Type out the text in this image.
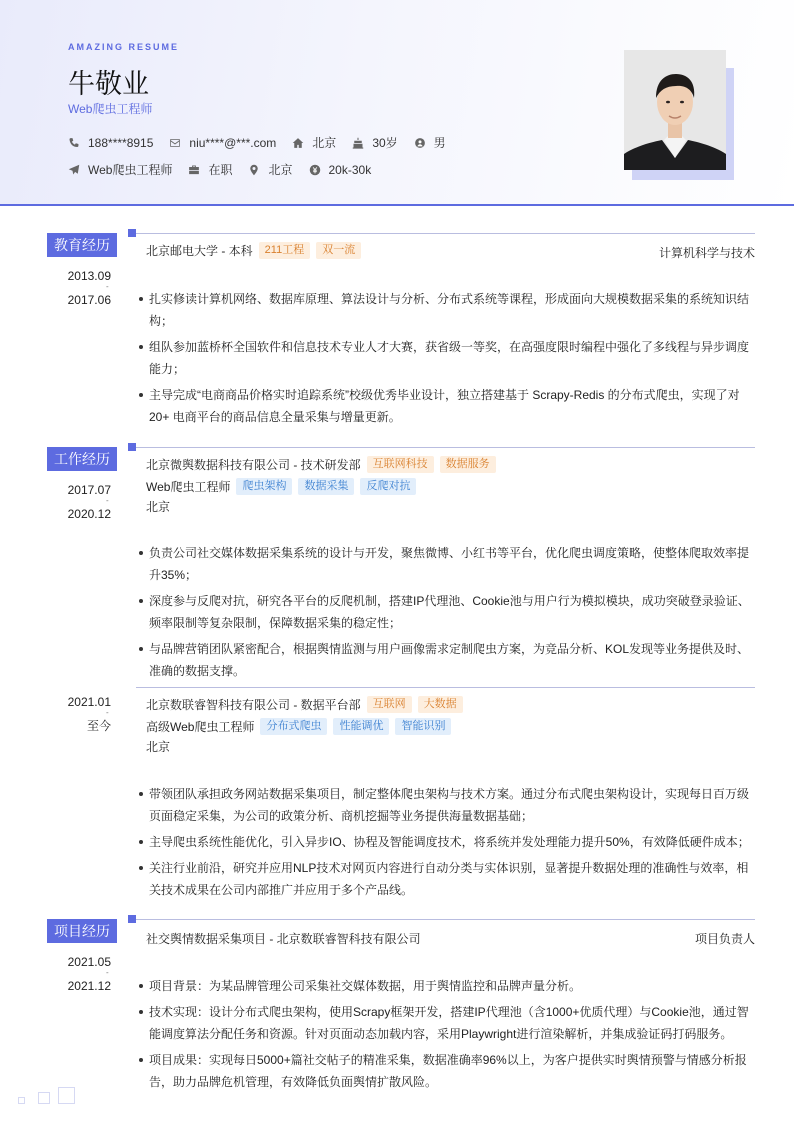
AMAZING RESUME
牛敬业
Web爬虫工程师
188****8915	niu****@***.com	北京	30岁	男
Web爬虫工程师	在职	北京	20k-30k
教育经历
2013.09
-
2017.06
北京邮电大学 - 本科	211工程	双一流	计算机科学与技术
扎实修读计算机网络、数据库原理、算法设计与分析、分布式系统等课程，形成面向大规模数据采集的系统知识结构；
组队参加蓝桥杯全国软件和信息技术专业人才大赛，获省级一等奖，在高强度限时编程中强化了多线程与异步调度能力；
主导完成“电商商品价格实时追踪系统”校级优秀毕业设计，独立搭建基于 Scrapy-Redis 的分布式爬虫，实现了对 20+ 电商平台的商品信息全量采集与增量更新。
工作经历
2017.07
-
2020.12
北京微舆数据科技有限公司 - 技术研发部	互联网科技	数据服务
Web爬虫工程师	爬虫架构	数据采集	反爬对抗
北京
负责公司社交媒体数据采集系统的设计与开发，聚焦微博、小红书等平台，优化爬虫调度策略，使整体爬取效率提升35%；
深度参与反爬对抗，研究各平台的反爬机制，搭建IP代理池、Cookie池与用户行为模拟模块，成功突破登录验证、频率限制等复杂限制，保障数据采集的稳定性；
与品牌营销团队紧密配合，根据舆情监测与用户画像需求定制爬虫方案，为竞品分析、KOL发现等业务提供及时、准确的数据支撑。
2021.01
-
至今
北京数联睿智科技有限公司 - 数据平台部	互联网	大数据
高级Web爬虫工程师	分布式爬虫	性能调优	智能识别
北京
带领团队承担政务网站数据采集项目，制定整体爬虫架构与技术方案。通过分布式爬虫架构设计，实现每日百万级页面稳定采集，为公司的政策分析、商机挖掘等业务提供海量数据基础；
主导爬虫系统性能优化，引入异步IO、协程及智能调度技术，将系统并发处理能力提升50%，有效降低硬件成本；
关注行业前沿，研究并应用NLP技术对网页内容进行自动分类与实体识别，显著提升数据处理的准确性与效率，相关技术成果在公司内部推广并应用于多个产品线。
项目经历
2021.05
-
2021.12
社交舆情数据采集项目 - 北京数联睿智科技有限公司	项目负责人
项目背景：为某品牌管理公司采集社交媒体数据，用于舆情监控和品牌声量分析。
技术实现：设计分布式爬虫架构，使用Scrapy框架开发，搭建IP代理池（含1000+优质代理）与Cookie池，通过智能调度算法分配任务和资源。针对页面动态加载内容，采用Playwright进行渲染解析，并集成验证码打码服务。
项目成果：实现每日5000+篇社交帖子的精准采集，数据准确率96%以上，为客户提供实时舆情预警与情感分析报告，助力品牌危机管理，有效降低负面舆情扩散风险。
